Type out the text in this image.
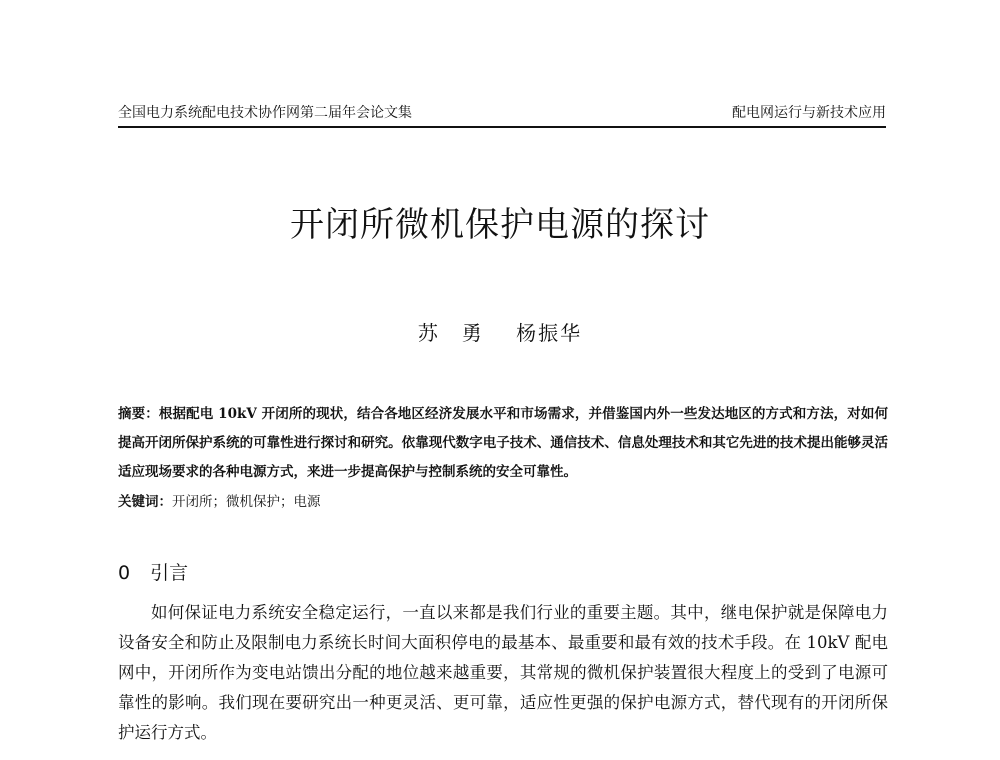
全国电力系统配电技术协作网第二届年会论文集	配电网运行与新技术应用
开闭所微机保护电源的探讨
苏　勇 杨振华
摘要：根据配电 10kV 开闭所的现状，结合各地区经济发展水平和市场需求，并借鉴国内外一些发达地区的方式和方法，对如何提高开闭所保护系统的可靠性进行探讨和研究。依靠现代数字电子技术、通信技术、信息处理技术和其它先进的技术提出能够灵活适应现场要求的各种电源方式，来进一步提高保护与控制系统的安全可靠性。
关键词：开闭所；微机保护；电源
0 引言

如何保证电力系统安全稳定运行，一直以来都是我们行业的重要主题。其中，继电保护就是保障电力设备安全和防止及限制电力系统长时间大面积停电的最基本、最重要和最有效的技术手段。在 10kV 配电网中，开闭所作为变电站馈出分配的地位越来越重要，其常规的微机保护装置很大程度上的受到了电源可靠性的影响。我们现在要研究出一种更灵活、更可靠，适应性更强的保护电源方式，替代现有的开闭所保护运行方式。
